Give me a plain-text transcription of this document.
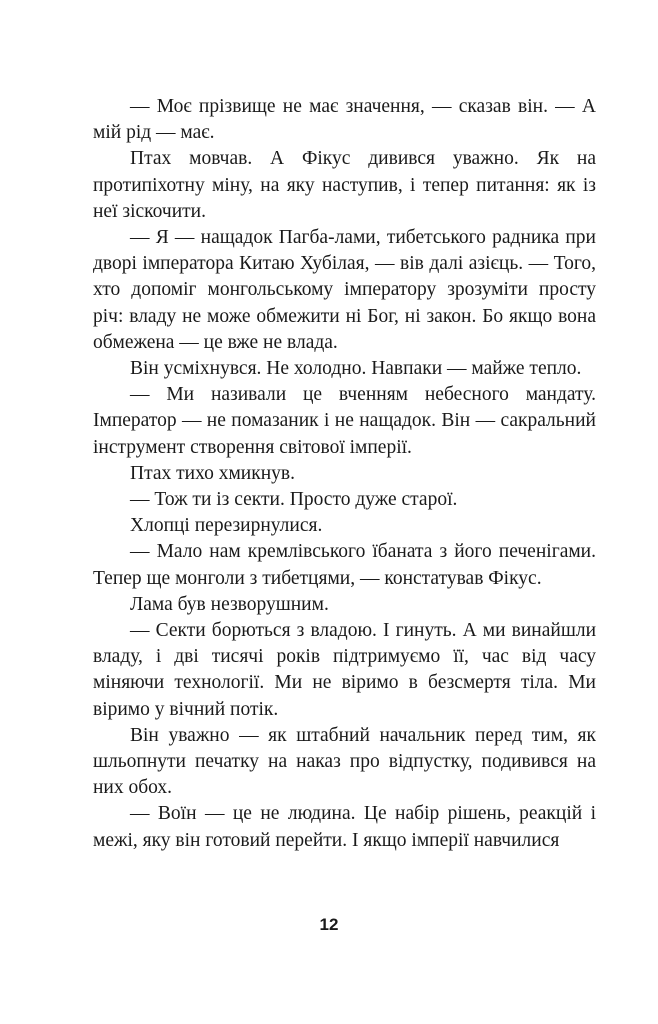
— Моє прізвище не має значення, — сказав він. — А мій рід — має.

Птах мовчав. А Фікус дивився уважно. Як на протипіхотну міну, на яку наступив, і тепер питання: як із неї зіскочити.

— Я — нащадок Пагба-лами, тибетського радника при дворі імператора Китаю Хубілая, — вів далі азієць. — Того, хто допоміг монгольському імператору зрозуміти просту річ: владу не може обмежити ні Бог, ні закон. Бо якщо вона обмежена — це вже не влада.

Він усміхнувся. Не холодно. Навпаки — майже тепло.

— Ми називали це вченням небесного мандату. Імператор — не помазаник і не нащадок. Він — сакральний інструмент створення світової імперії.

Птах тихо хмикнув.

— Тож ти із секти. Просто дуже старої.

Хлопці перезирнулися.

— Мало нам кремлівського їбаната з його печенігами. Тепер ще монголи з тибетцями, — констатував Фікус.

Лама був незворушним.

— Секти борються з владою. І гинуть. А ми винайшли владу, і дві тисячі років підтримуємо її, час від часу міняючи технології. Ми не віримо в безсмертя тіла. Ми віримо у вічний потік.

Він уважно — як штабний начальник перед тим, як шльопнути печатку на наказ про відпустку, подивився на них обох.

— Воїн — це не людина. Це набір рішень, реакцій і межі, яку він готовий перейти. І якщо імперії навчилися

12
